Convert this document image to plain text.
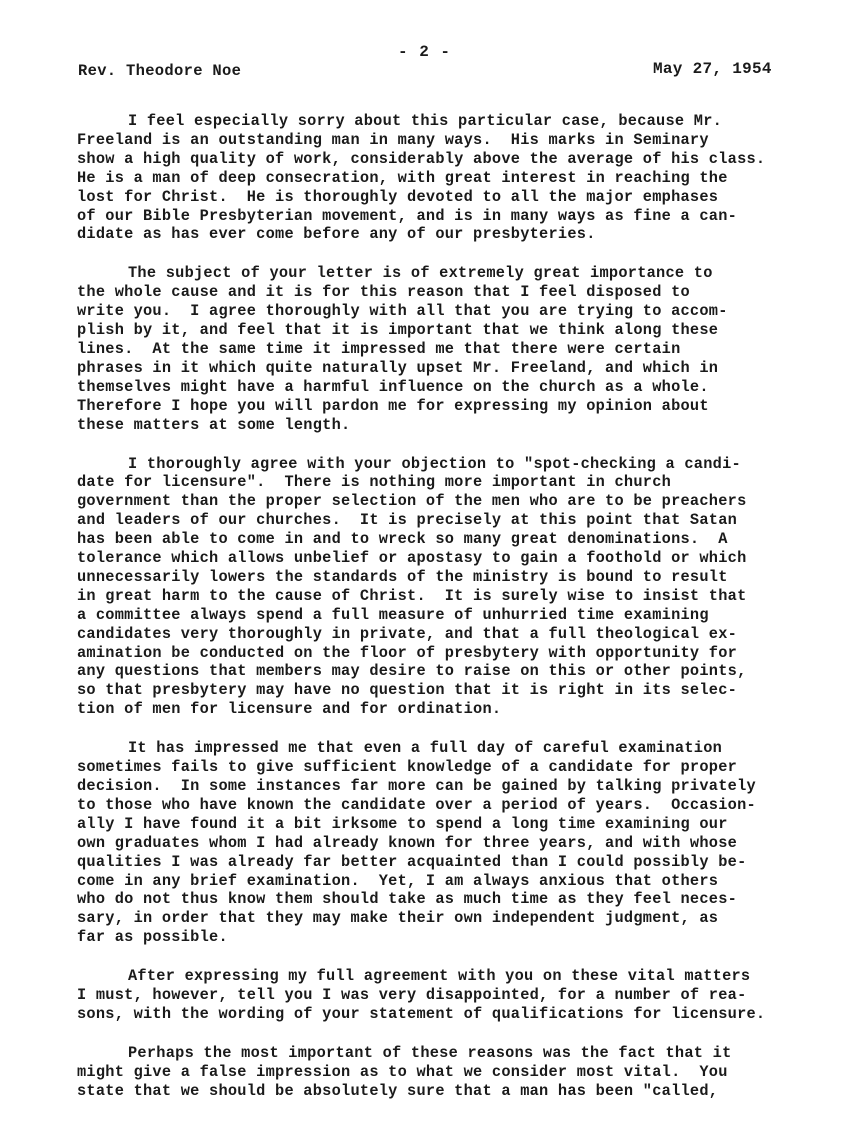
- 2 -
Rev. Theodore Noe	May 27, 1954
I feel especially sorry about this particular case, because Mr.
Freeland is an outstanding man in many ways.  His marks in Seminary
show a high quality of work, considerably above the average of his class.
He is a man of deep consecration, with great interest in reaching the
lost for Christ.  He is thoroughly devoted to all the major emphases
of our Bible Presbyterian movement, and is in many ways as fine a can-
didate as has ever come before any of our presbyteries.
The subject of your letter is of extremely great importance to
the whole cause and it is for this reason that I feel disposed to
write you.  I agree thoroughly with all that you are trying to accom-
plish by it, and feel that it is important that we think along these
lines.  At the same time it impressed me that there were certain
phrases in it which quite naturally upset Mr. Freeland, and which in
themselves might have a harmful influence on the church as a whole.
Therefore I hope you will pardon me for expressing my opinion about
these matters at some length.
I thoroughly agree with your objection to "spot-checking a candi-
date for licensure".  There is nothing more important in church
government than the proper selection of the men who are to be preachers
and leaders of our churches.  It is precisely at this point that Satan
has been able to come in and to wreck so many great denominations.  A
tolerance which allows unbelief or apostasy to gain a foothold or which
unnecessarily lowers the standards of the ministry is bound to result
in great harm to the cause of Christ.  It is surely wise to insist that
a committee always spend a full measure of unhurried time examining
candidates very thoroughly in private, and that a full theological ex-
amination be conducted on the floor of presbytery with opportunity for
any questions that members may desire to raise on this or other points,
so that presbytery may have no question that it is right in its selec-
tion of men for licensure and for ordination.
It has impressed me that even a full day of careful examination
sometimes fails to give sufficient knowledge of a candidate for proper
decision.  In some instances far more can be gained by talking privately
to those who have known the candidate over a period of years.  Occasion-
ally I have found it a bit irksome to spend a long time examining our
own graduates whom I had already known for three years, and with whose
qualities I was already far better acquainted than I could possibly be-
come in any brief examination.  Yet, I am always anxious that others
who do not thus know them should take as much time as they feel neces-
sary, in order that they may make their own independent judgment, as
far as possible.
After expressing my full agreement with you on these vital matters
I must, however, tell you I was very disappointed, for a number of rea-
sons, with the wording of your statement of qualifications for licensure.
Perhaps the most important of these reasons was the fact that it
might give a false impression as to what we consider most vital.  You
state that we should be absolutely sure that a man has been "called,
